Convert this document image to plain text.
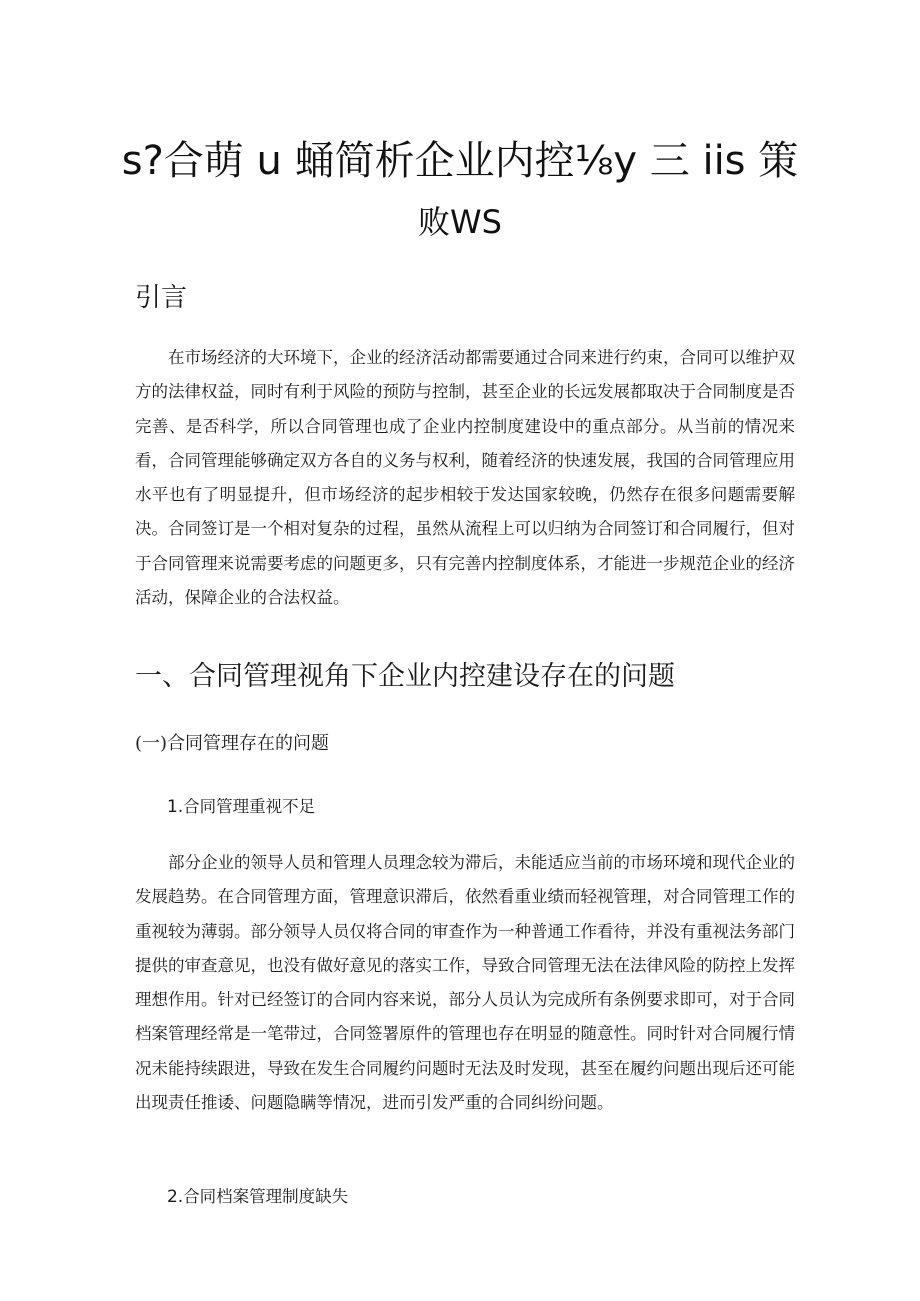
s?合萌 u 蛹简析企业内控⅛y 三 iis 策
败WS
引言

在市场经济的大环境下，企业的经济活动都需要通过合同来进行约束，合同可以维护双方的法律权益，同时有利于风险的预防与控制，甚至企业的长远发展都取决于合同制度是否完善、是否科学，所以合同管理也成了企业内控制度建设中的重点部分。从当前的情况来看，合同管理能够确定双方各自的义务与权利，随着经济的快速发展，我国的合同管理应用水平也有了明显提升，但市场经济的起步相较于发达国家较晚，仍然存在很多问题需要解决。合同签订是一个相对复杂的过程，虽然从流程上可以归纳为合同签订和合同履行，但对于合同管理来说需要考虑的问题更多，只有完善内控制度体系，才能进一步规范企业的经济活动，保障企业的合法权益。

一、合同管理视角下企业内控建设存在的问题
(一)合同管理存在的问题
1.合同管理重视不足

部分企业的领导人员和管理人员理念较为滞后，未能适应当前的市场环境和现代企业的发展趋势。在合同管理方面，管理意识滞后，依然看重业绩而轻视管理，对合同管理工作的重视较为薄弱。部分领导人员仅将合同的审查作为一种普通工作看待，并没有重视法务部门提供的审查意见，也没有做好意见的落实工作，导致合同管理无法在法律风险的防控上发挥理想作用。针对已经签订的合同内容来说，部分人员认为完成所有条例要求即可，对于合同档案管理经常是一笔带过，合同签署原件的管理也存在明显的随意性。同时针对合同履行情况未能持续跟进，导致在发生合同履约问题时无法及时发现，甚至在履约问题出现后还可能出现责任推诿、问题隐瞒等情况，进而引发严重的合同纠纷问题。

2.合同档案管理制度缺失
